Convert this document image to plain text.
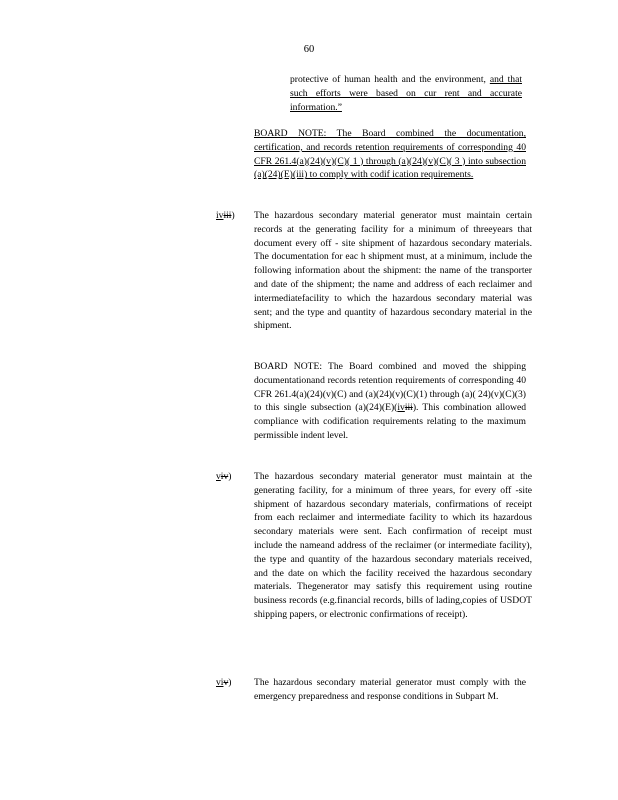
60
protective of human health and the environment, and that such efforts were based on cur rent and accurate information.”
BOARD NOTE: The Board combined the documentation, certification, and records retention requirements of corresponding 40 CFR 261.4(a)(24)(v)(C)( 1 ) through (a)(24)(v)(C)( 3 ) into subsection (a)(24)(E)(iii) to comply with codif ication requirements.
iviii)	The hazardous secondary material generator must maintain certain records at the generating facility for a minimum of threeyears that document every off - site shipment of hazardous secondary materials. The documentation for eac h shipment must, at a minimum, include the following information about the shipment: the name of the transporter and date of the shipment; the name and address of each reclaimer and intermediatefacility to which the hazardous secondary material was sent; and the type and quantity of hazardous secondary material in the shipment.
BOARD NOTE: The Board combined and moved the shipping documentationand records retention requirements of corresponding 40 CFR 261.4(a)(24)(v)(C) and (a)(24)(v)(C)(1) through (a)( 24)(v)(C)(3) to this single subsection (a)(24)(E)(iviii). This combination allowed compliance with codification requirements relating to the maximum permissible indent level.
viv)	The hazardous secondary material generator must maintain at the generating facility, for a minimum of three years, for every off -site shipment of hazardous secondary materials, confirmations of receipt from each reclaimer and intermediate facility to which its hazardous secondary materials were sent. Each confirmation of receipt must include the nameand address of the reclaimer (or intermediate facility), the type and quantity of the hazardous secondary materials received, and the date on which the facility received the hazardous secondary materials. Thegenerator may satisfy this requirement using routine business records (e.g.financial records, bills of lading,copies of USDOT shipping papers, or electronic confirmations of receipt).
viv)	The hazardous secondary material generator must comply with the emergency preparedness and response conditions in Subpart M.
